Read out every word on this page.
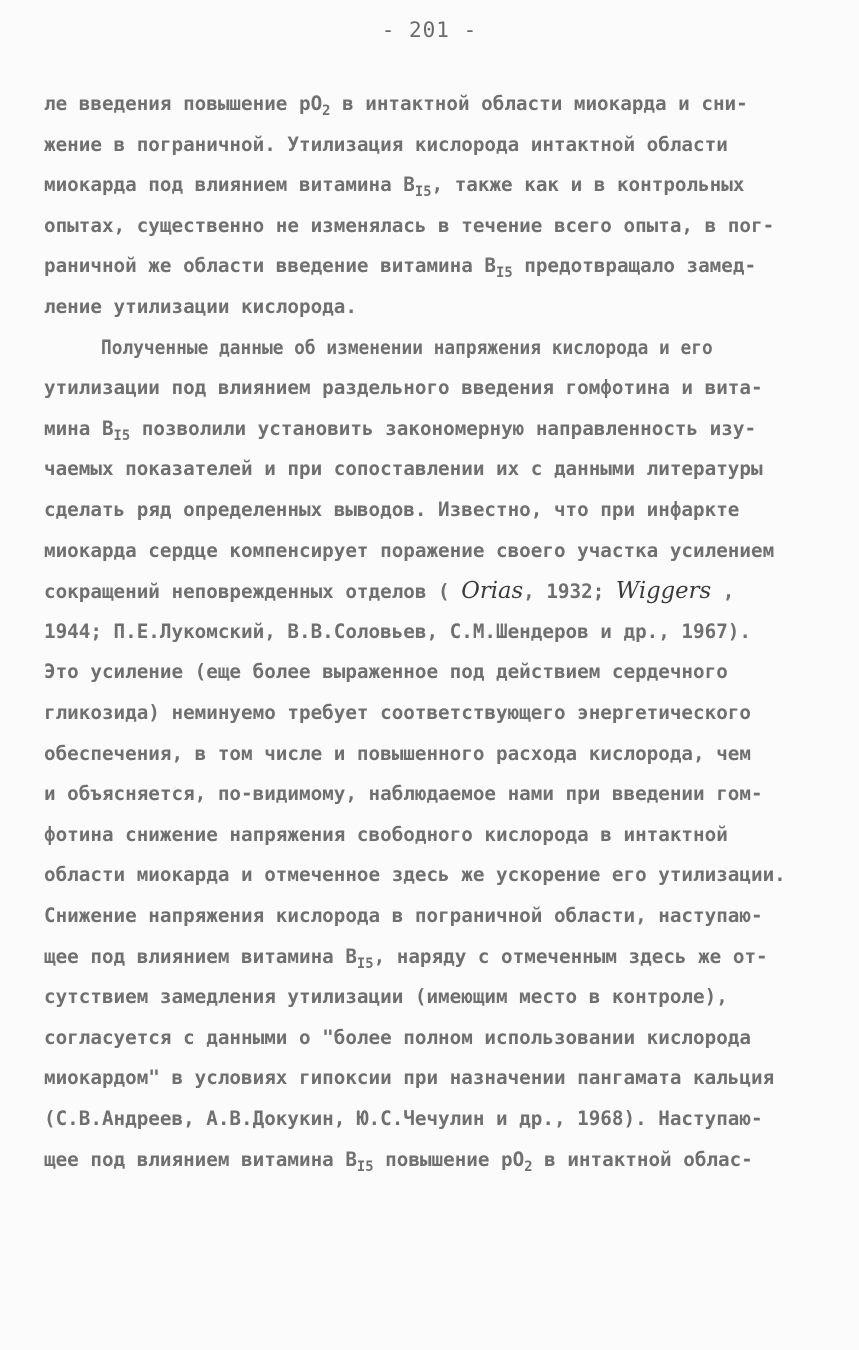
- 201 -
ле введения повышение $pO_2$ в интактной области миокарда и сни-
жение в пограничной. Утилизация кислорода интактной области
миокарда под влиянием витамина $B_{I5}$, также как и в контрольных
опытах, существенно не изменялась в течение всего опыта, в пог-
раничной же области введение витамина $B_{I5}$ предотвращало замед-
ление утилизации кислорода.
Полученные данные об изменении напряжения кислорода и его
утилизации под влиянием раздельного введения гомфотина и вита-
мина $B_{I5}$ позволили установить закономерную направленность изу-
чаемых показателей и при сопоставлении их с данными литературы
сделать ряд определенных выводов. Известно, что при инфаркте
миокарда сердце компенсирует поражение своего участка усилением
сокращений неповрежденных отделов ( Orias, 1932; Wiggers ,
1944; П.Е.Лукомский, В.В.Соловьев, С.М.Шендеров и др., 1967).
Это усиление (еще более выраженное под действием сердечного
гликозида) неминуемо требует соответствующего энергетического
обеспечения, в том числе и повышенного расхода кислорода, чем
и объясняется, по-видимому, наблюдаемое нами при введении гом-
фотина снижение напряжения свободного кислорода в интактной
области миокарда и отмеченное здесь же ускорение его утилизации.
Снижение напряжения кислорода в пограничной области, наступаю-
щее под влиянием витамина $B_{I5}$, наряду с отмеченным здесь же от-
сутствием замедления утилизации (имеющим место в контроле),
согласуется с данными о "более полном использовании кислорода
миокардом" в условиях гипоксии при назначении пангамата кальция
(С.В.Андреев, А.В.Докукин, Ю.С.Чечулин и др., 1968). Наступаю-
щее под влиянием витамина $B_{I5}$ повышение $pO_2$ в интактной облас-
